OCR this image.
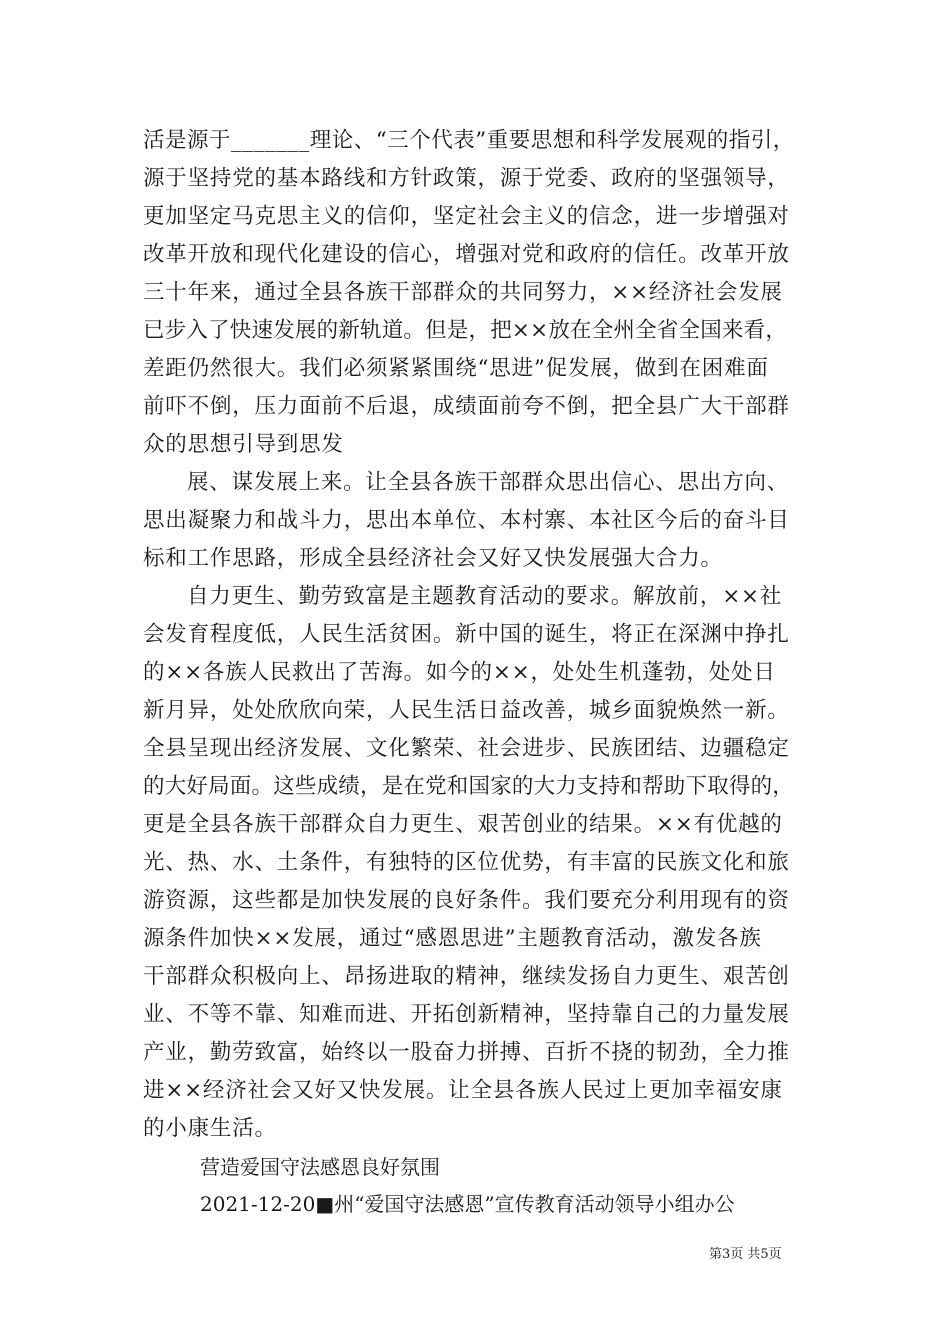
活是源于_______理论、“三个代表”重要思想和科学发展观的指引，
源于坚持党的基本路线和方针政策，源于党委、政府的坚强领导，
更加坚定马克思主义的信仰，坚定社会主义的信念，进一步增强对
改革开放和现代化建设的信心，增强对党和政府的信任。改革开放
三十年来，通过全县各族干部群众的共同努力，××经济社会发展
已步入了快速发展的新轨道。但是，把××放在全州全省全国来看，
差距仍然很大。我们必须紧紧围绕“思进”促发展，做到在困难面
前吓不倒，压力面前不后退，成绩面前夸不倒，把全县广大干部群
众的思想引导到思发
展、谋发展上来。让全县各族干部群众思出信心、思出方向、
思出凝聚力和战斗力，思出本单位、本村寨、本社区今后的奋斗目
标和工作思路，形成全县经济社会又好又快发展强大合力。
自力更生、勤劳致富是主题教育活动的要求。解放前，××社
会发育程度低，人民生活贫困。新中国的诞生，将正在深渊中挣扎
的××各族人民救出了苦海。如今的××，处处生机蓬勃，处处日
新月异，处处欣欣向荣，人民生活日益改善，城乡面貌焕然一新。
全县呈现出经济发展、文化繁荣、社会进步、民族团结、边疆稳定
的大好局面。这些成绩，是在党和国家的大力支持和帮助下取得的，
更是全县各族干部群众自力更生、艰苦创业的结果。××有优越的
光、热、水、土条件，有独特的区位优势，有丰富的民族文化和旅
游资源，这些都是加快发展的良好条件。我们要充分利用现有的资
源条件加快××发展，通过“感恩思进”主题教育活动，激发各族
干部群众积极向上、昂扬进取的精神，继续发扬自力更生、艰苦创
业、不等不靠、知难而进、开拓创新精神，坚持靠自己的力量发展
产业，勤劳致富，始终以一股奋力拼搏、百折不挠的韧劲，全力推
进××经济社会又好又快发展。让全县各族人民过上更加幸福安康
的小康生活。
营造爱国守法感恩良好氛围
2021-12-20■州“爱国守法感恩”宣传教育活动领导小组办公
第3页 共5页
